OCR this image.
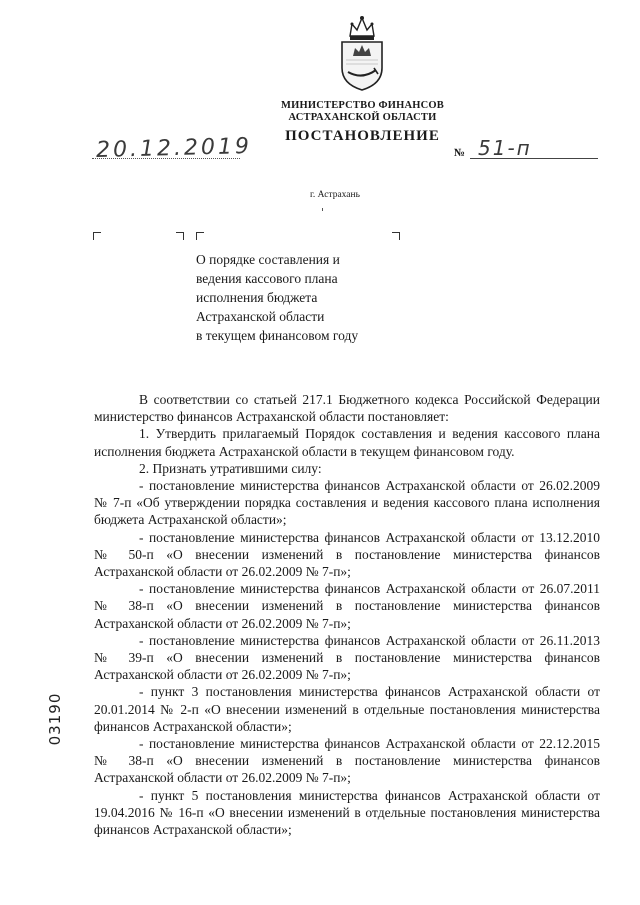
МИНИСТЕРСТВО ФИНАНСОВ
АСТРАХАНСКОЙ ОБЛАСТИ
ПОСТАНОВЛЕНИЕ
20.12.2019	№ 51-п
г. Астрахань
О порядке составления и
ведения кассового плана
исполнения бюджета
Астраханской области
в текущем финансовом году

В соответствии со статьей 217.1 Бюджетного кодекса Российской Федерации министерство финансов Астраханской области постановляет:

1. Утвердить прилагаемый Порядок составления и ведения кассового плана исполнения бюджета Астраханской области в текущем финансовом году.

2. Признать утратившими силу:

- постановление министерства финансов Астраханской области от 26.02.2009 № 7-п «Об утверждении порядка составления и ведения кассового плана исполнения бюджета Астраханской области»;

- постановление министерства финансов Астраханской области от 13.12.2010 № 50-п «О внесении изменений в постановление министерства финансов Астраханской области от 26.02.2009 № 7-п»;

- постановление министерства финансов Астраханской области от 26.07.2011 № 38-п «О внесении изменений в постановление министерства финансов Астраханской области от 26.02.2009 № 7-п»;

- постановление министерства финансов Астраханской области от 26.11.2013 № 39-п «О внесении изменений в постановление министерства финансов Астраханской области от 26.02.2009 № 7-п»;

- пункт 3 постановления министерства финансов Астраханской области от 20.01.2014 № 2-п «О внесении изменений в отдельные постановления министерства финансов Астраханской области»;

- постановление министерства финансов Астраханской области от 22.12.2015 № 38-п «О внесении изменений в постановление министерства финансов Астраханской области от 26.02.2009 № 7-п»;

- пункт 5 постановления министерства финансов Астраханской области от 19.04.2016 № 16-п «О внесении изменений в отдельные постановления министерства финансов Астраханской области»;

03190
